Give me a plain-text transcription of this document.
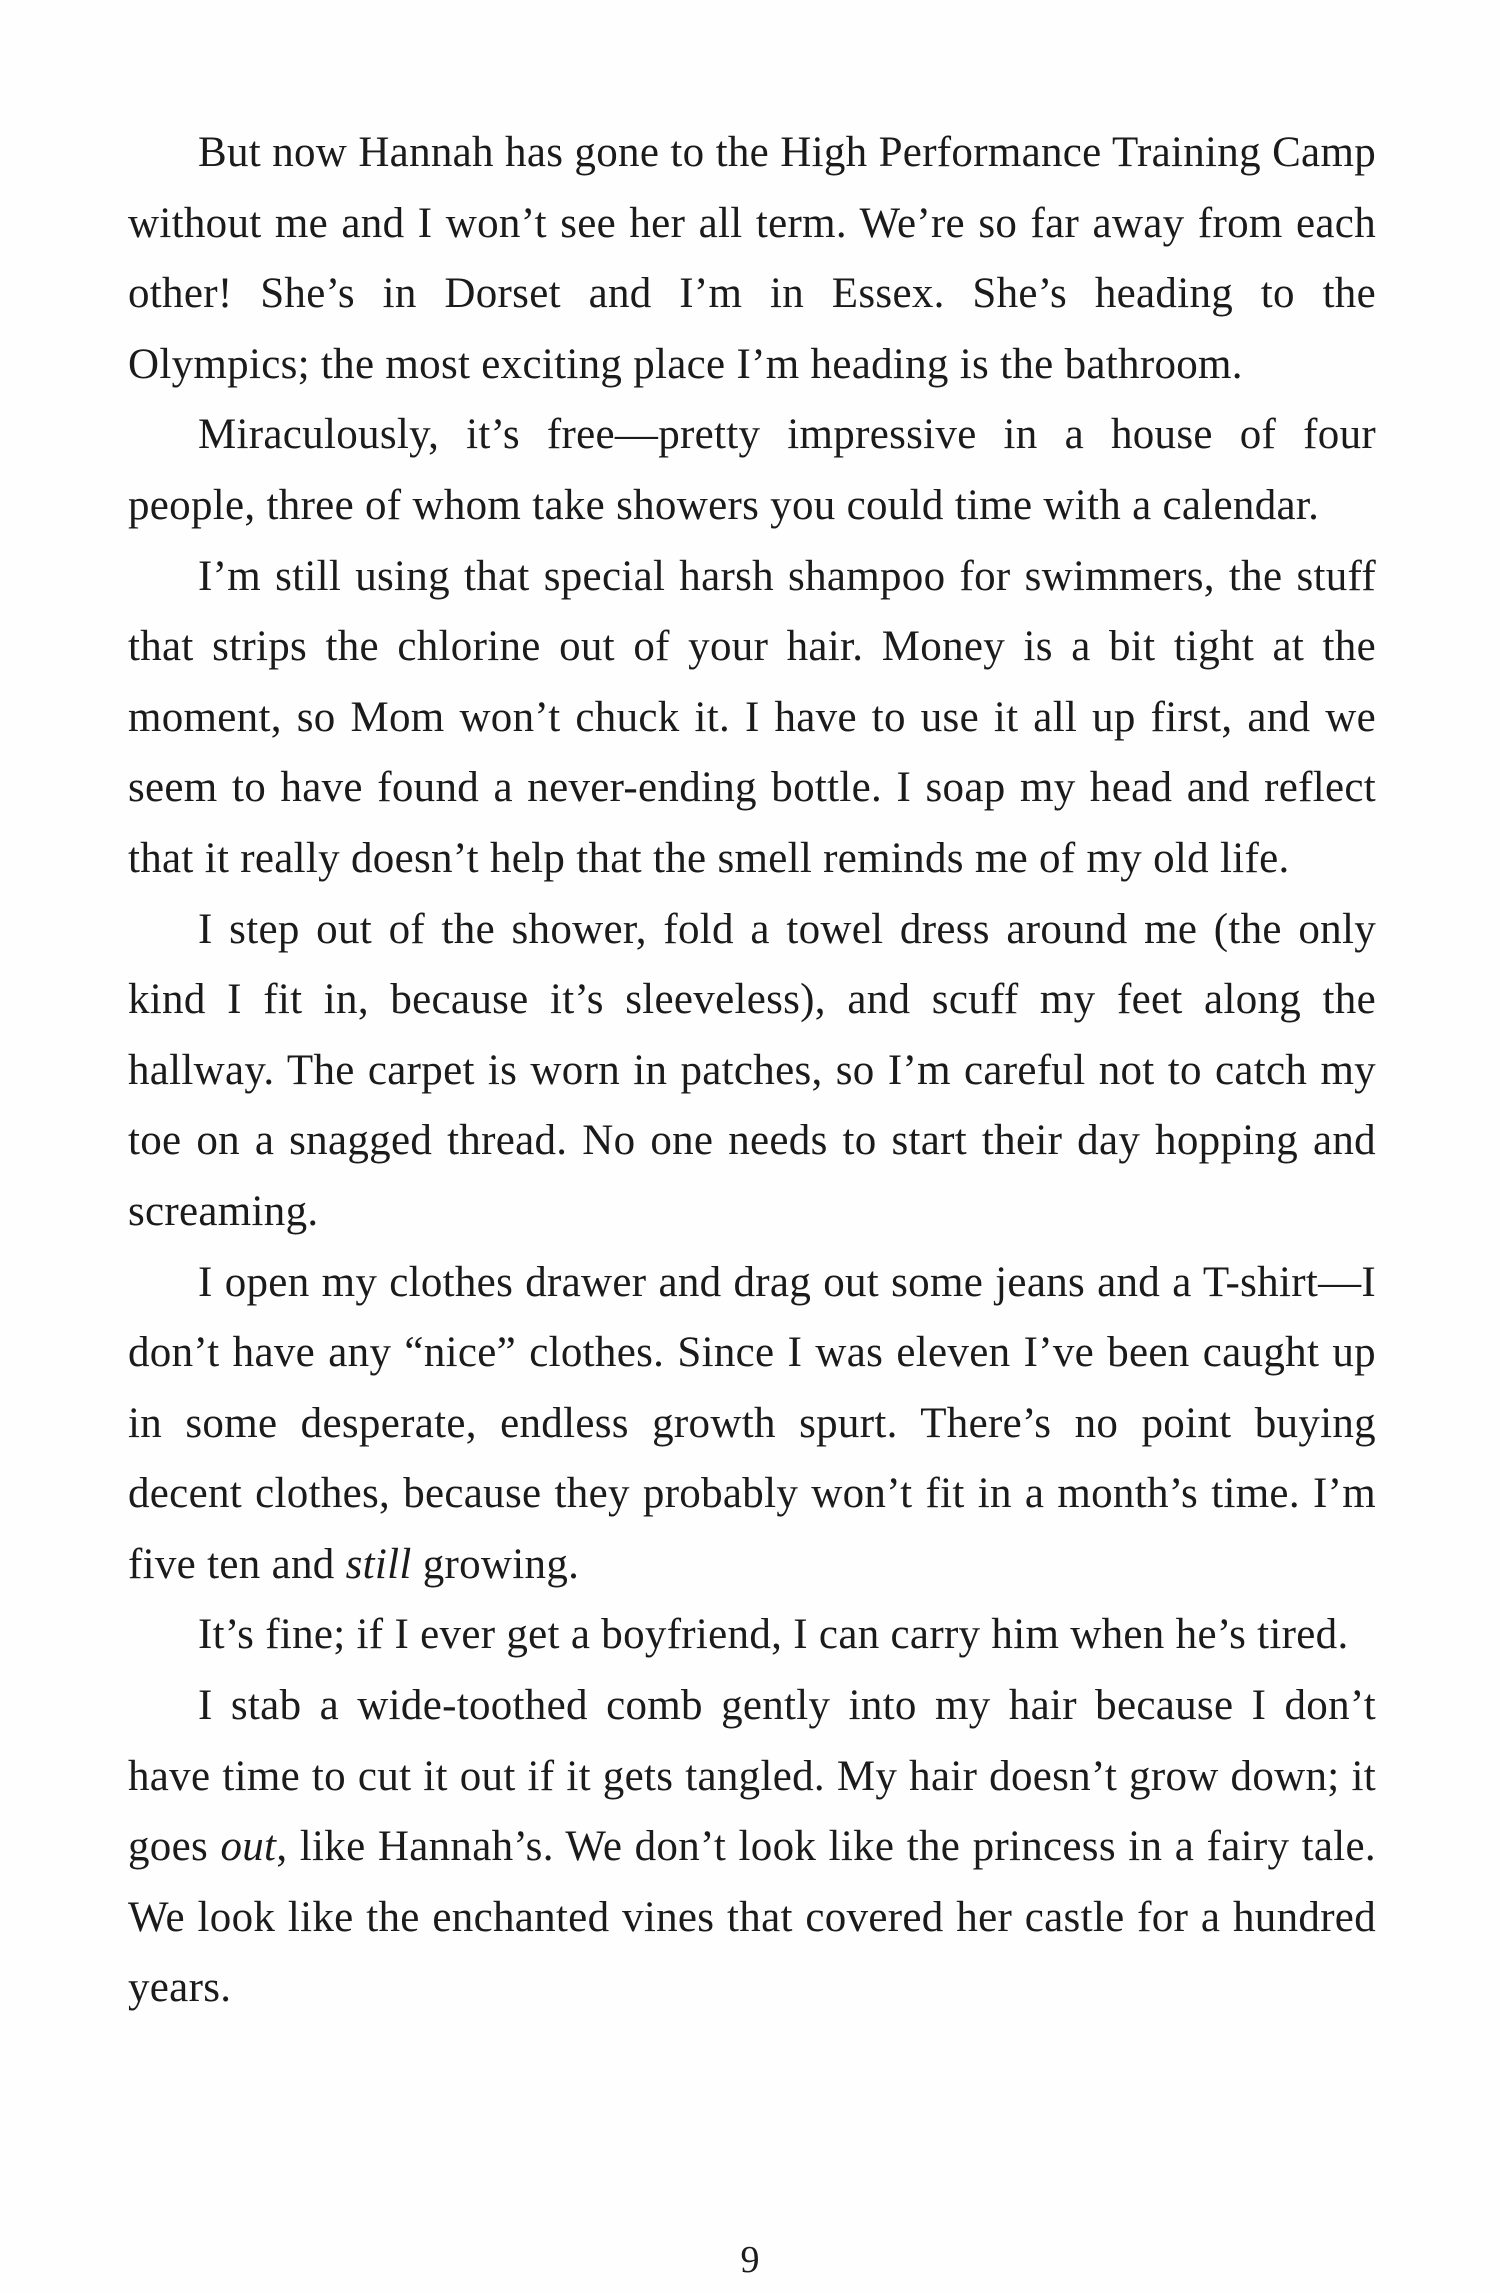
But now Hannah has gone to the High Performance Training Camp without me and I won’t see her all term. We’re so far away from each other! She’s in Dorset and I’m in Essex. She’s heading to the Olympics; the most exciting place I’m heading is the bathroom.

Miraculously, it’s free—pretty impressive in a house of four people, three of whom take showers you could time with a calendar.

I’m still using that special harsh shampoo for swimmers, the stuff that strips the chlorine out of your hair. Money is a bit tight at the moment, so Mom won’t chuck it. I have to use it all up first, and we seem to have found a never-ending bottle. I soap my head and reflect that it really doesn’t help that the smell reminds me of my old life.

I step out of the shower, fold a towel dress around me (the only kind I fit in, because it’s sleeveless), and scuff my feet along the hallway. The carpet is worn in patches, so I’m careful not to catch my toe on a snagged thread. No one needs to start their day hopping and screaming.

I open my clothes drawer and drag out some jeans and a T-shirt—I don’t have any “nice” clothes. Since I was eleven I’ve been caught up in some desperate, endless growth spurt. There’s no point buying decent clothes, because they probably won’t fit in a month’s time. I’m five ten and still growing.

It’s fine; if I ever get a boyfriend, I can carry him when he’s tired.

I stab a wide-toothed comb gently into my hair because I don’t have time to cut it out if it gets tangled. My hair doesn’t grow down; it goes out, like Hannah’s. We don’t look like the princess in a fairy tale. We look like the enchanted vines that covered her castle for a hundred years.

9
